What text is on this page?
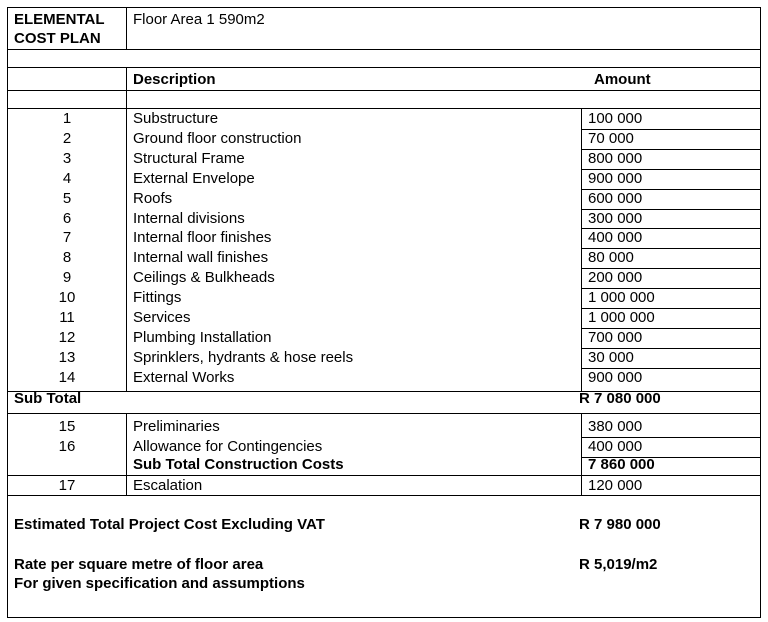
ELEMENTAL
COST PLAN
Floor Area 1 590m2
Description	Amount
1	Substructure	100 000
2	Ground floor construction	70 000
3	Structural Frame	800 000
4	External Envelope	900 000
5	Roofs	600 000
6	Internal divisions	300 000
7	Internal floor finishes	400 000
8	Internal wall finishes	80 000
9	Ceilings & Bulkheads	200 000
10	Fittings	1 000 000
11	Services	1 000 000
12	Plumbing Installation	700 000
13	Sprinklers, hydrants & hose reels	30 000
14	External Works	900 000
Sub Total	R 7 080 000
15	Preliminaries	380 000
16	Allowance for Contingencies	400 000
Sub Total Construction Costs	7 860 000
17	Escalation	120 000
Estimated Total Project Cost Excluding VAT	R 7 980 000
Rate per square metre of floor area	R 5,019/m2
For given specification and assumptions
